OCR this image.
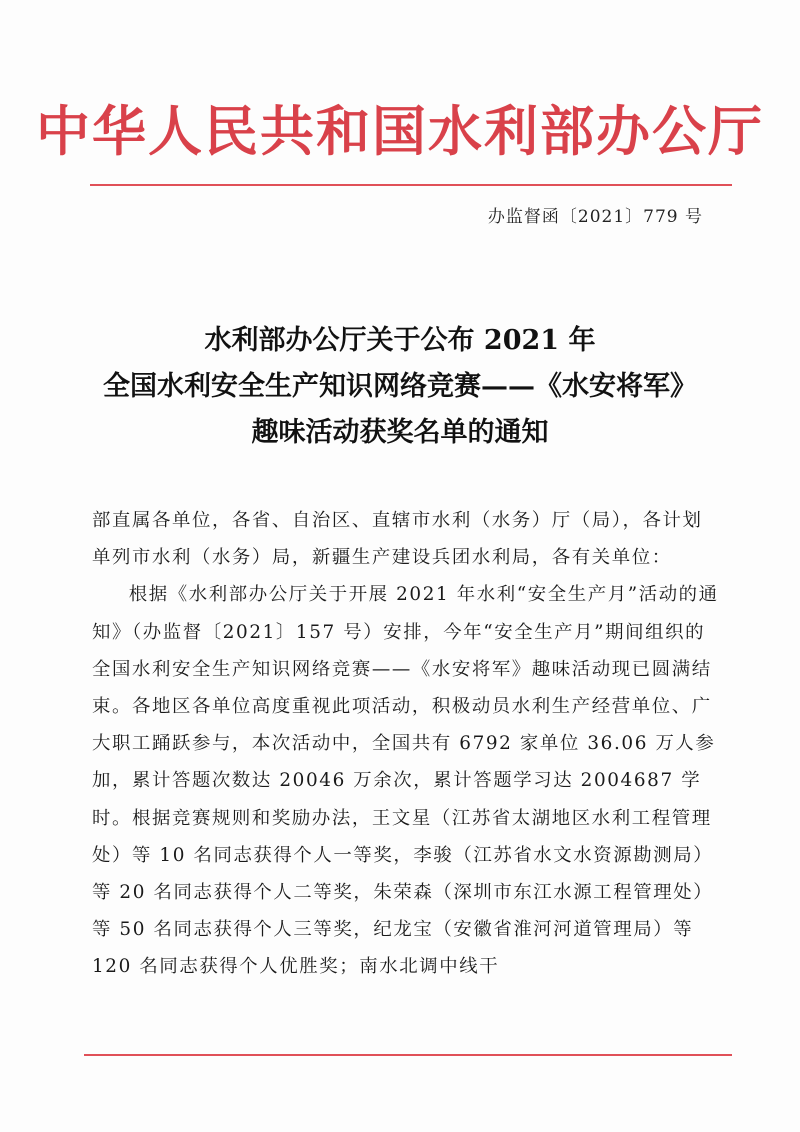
中华人民共和国水利部办公厅
办监督函〔2021〕779 号
水利部办公厅关于公布 2021 年
全国水利安全生产知识网络竞赛——《水安将军》
趣味活动获奖名单的通知

部直属各单位，各省、自治区、直辖市水利（水务）厅（局），各计划单列市水利（水务）局，新疆生产建设兵团水利局，各有关单位：

根据《水利部办公厅关于开展 2021 年水利“安全生产月”活动的通知》（办监督〔2021〕157 号）安排，今年“安全生产月”期间组织的全国水利安全生产知识网络竞赛——《水安将军》趣味活动现已圆满结束。各地区各单位高度重视此项活动，积极动员水利生产经营单位、广大职工踊跃参与，本次活动中，全国共有 6792 家单位 36.06 万人参加，累计答题次数达 20046 万余次，累计答题学习达 2004687 学时。根据竞赛规则和奖励办法，王文星（江苏省太湖地区水利工程管理处）等 10 名同志获得个人一等奖，李骏（江苏省水文水资源勘测局）等 20 名同志获得个人二等奖，朱荣森（深圳市东江水源工程管理处）等 50 名同志获得个人三等奖，纪龙宝（安徽省淮河河道管理局）等 120 名同志获得个人优胜奖；南水北调中线干
